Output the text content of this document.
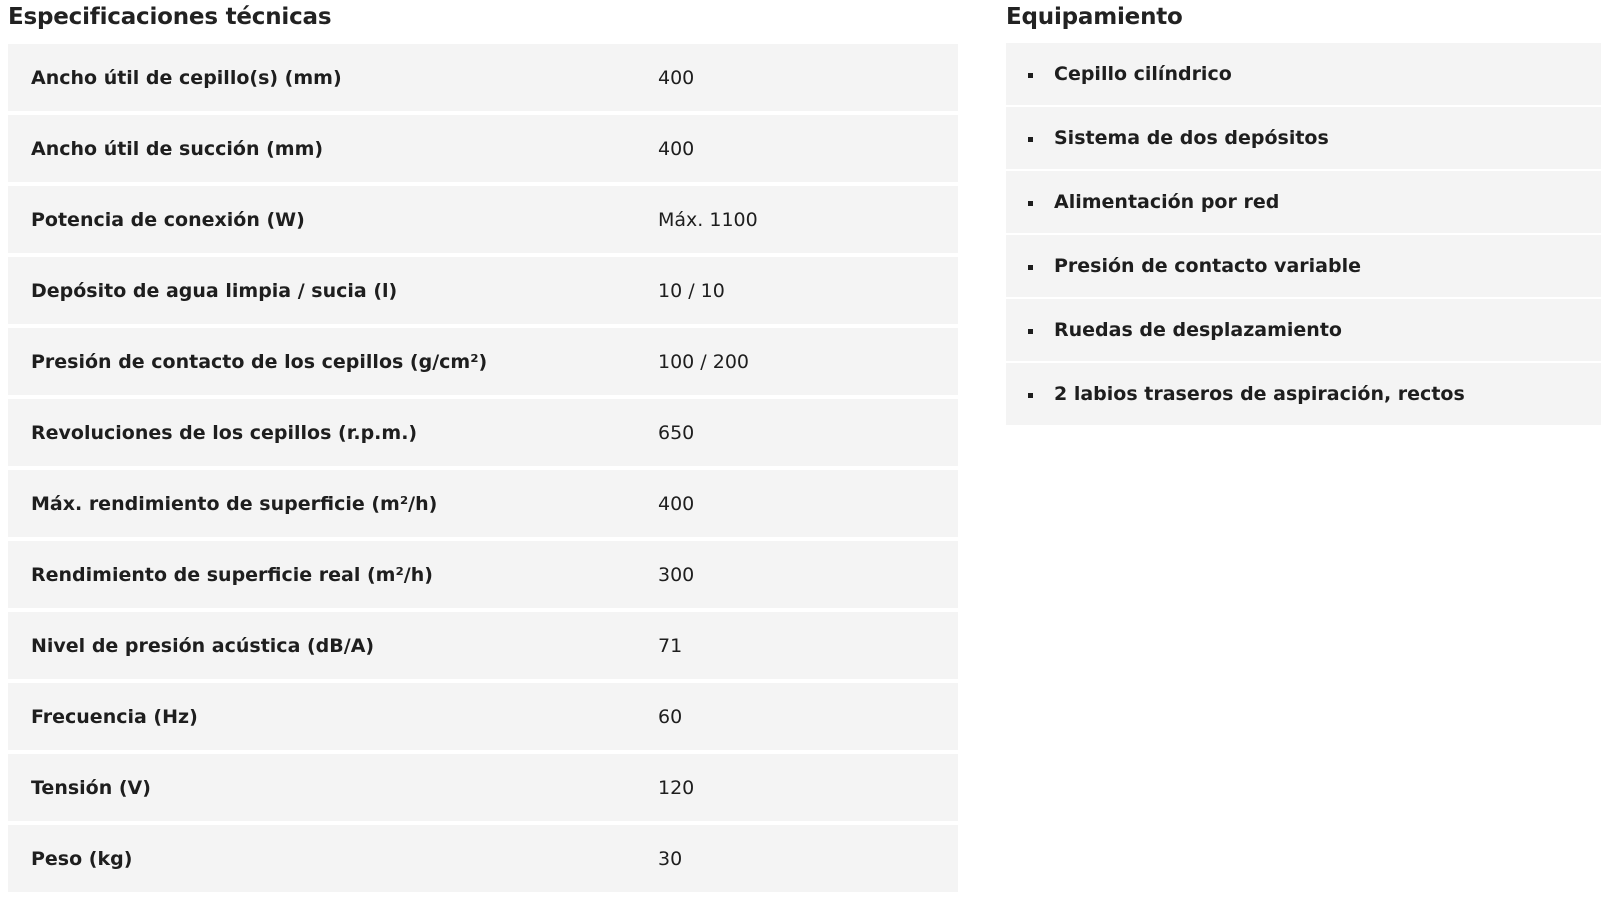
Especificaciones técnicas
Ancho útil de cepillo(s) (mm)	400
Ancho útil de succión (mm)	400
Potencia de conexión (W)	Máx. 1100
Depósito de agua limpia / sucia (l)	10 / 10
Presión de contacto de los cepillos (g/cm²)	100 / 200
Revoluciones de los cepillos (r.p.m.)	650
Máx. rendimiento de superficie (m²/h)	400
Rendimiento de superficie real (m²/h)	300
Nivel de presión acústica (dB/A)	71
Frecuencia (Hz)	60
Tensión (V)	120
Peso (kg)	30
Equipamiento
Cepillo cilíndrico
Sistema de dos depósitos
Alimentación por red
Presión de contacto variable
Ruedas de desplazamiento
2 labios traseros de aspiración, rectos
